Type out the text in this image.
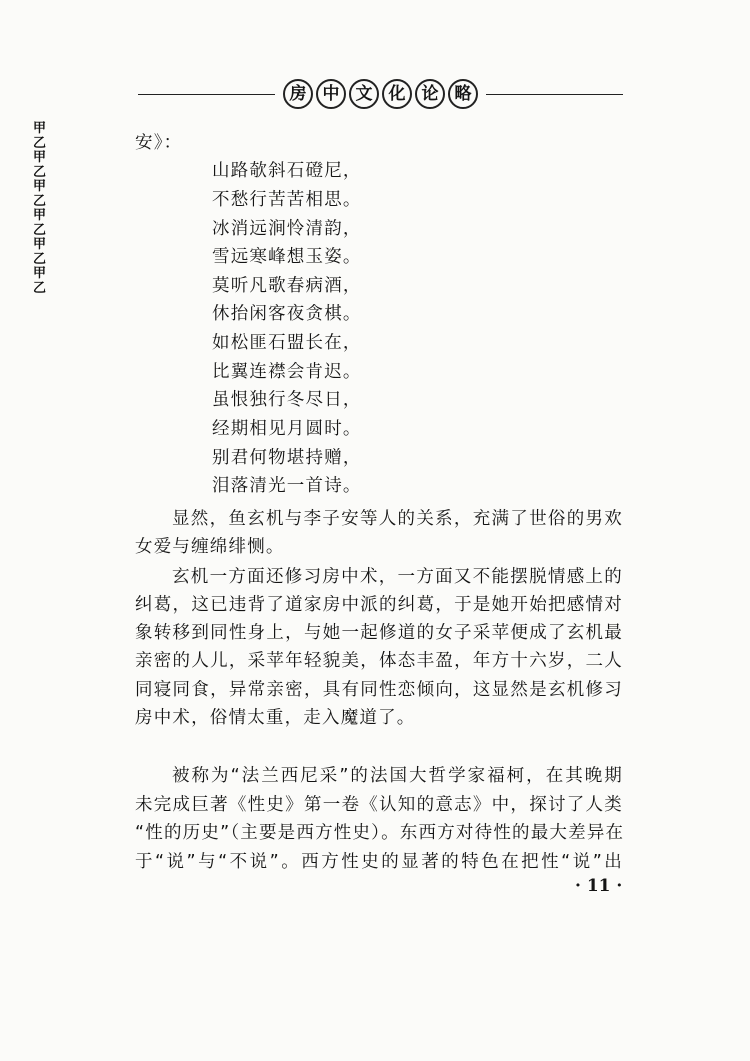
甲乙甲乙甲乙甲乙甲乙甲乙
房 中 文 化 论 略
安》：
山路欹斜石磴尼，
不愁行苦苦相思。
冰消远涧怜清韵，
雪远寒峰想玉姿。
莫听凡歌春病酒，
休抬闲客夜贪棋。
如松匪石盟长在，
比翼连襟会肯迟。
虽恨独行冬尽日，
经期相见月圆时。
别君何物堪持赠，
泪落清光一首诗。
显然，鱼玄机与李子安等人的关系，充满了世俗的男欢
女爱与缠绵绯恻。
玄机一方面还修习房中术，一方面又不能摆脱情感上的
纠葛，这已违背了道家房中派的纠葛，于是她开始把感情对
象转移到同性身上，与她一起修道的女子采苹便成了玄机最
亲密的人儿，采苹年轻貌美，体态丰盈，年方十六岁，二人
同寝同食，异常亲密，具有同性恋倾向，这显然是玄机修习
房中术，俗情太重，走入魔道了。
被称为“法兰西尼采”的法国大哲学家福柯，在其晚期
未完成巨著《性史》第一卷《认知的意志》中，探讨了人类
“性的历史”（主要是西方性史）。东西方对待性的最大差异在
于“说”与“不说”。西方性史的显著的特色在把性“说”出
· 11 ·
